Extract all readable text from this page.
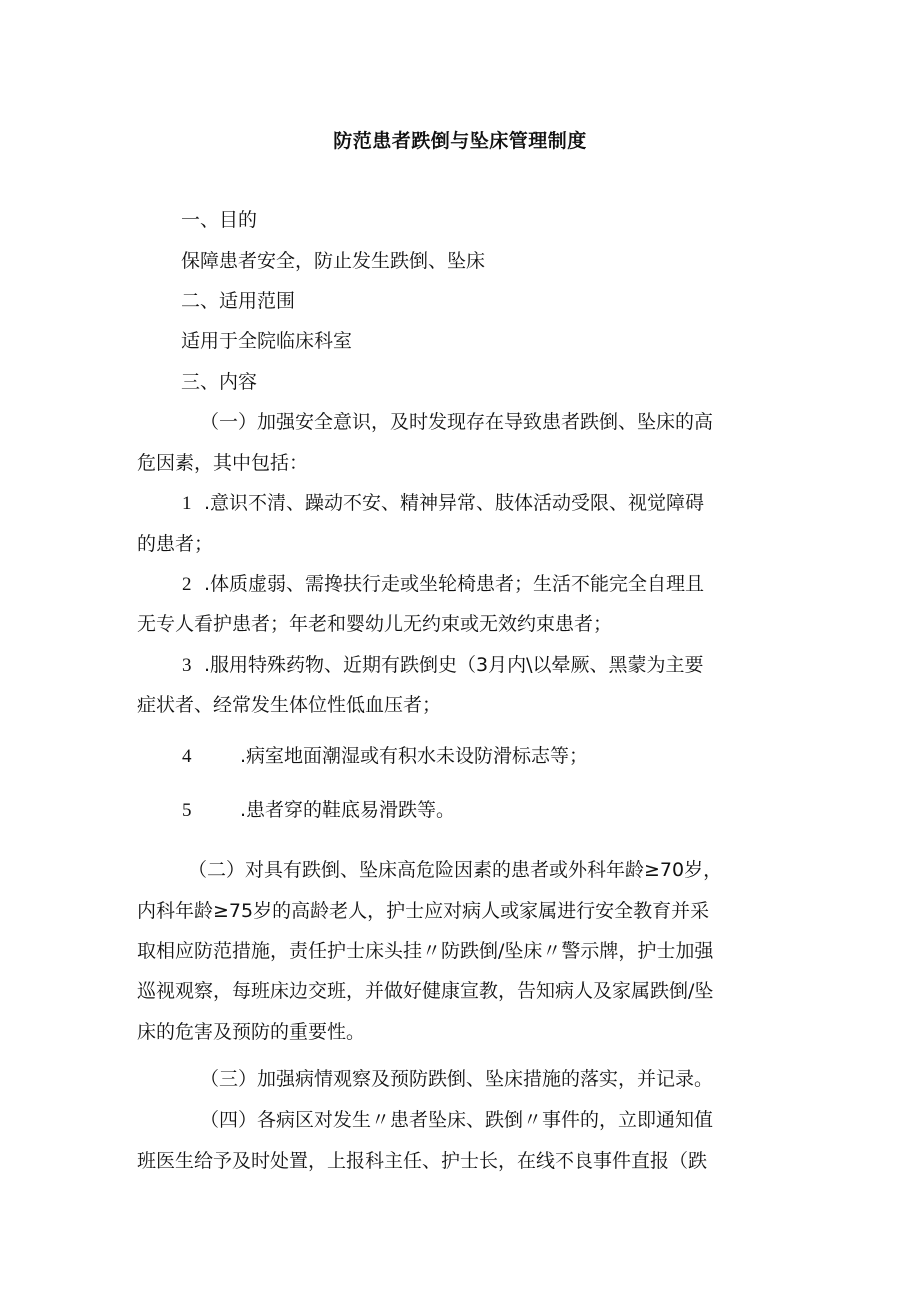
防范患者跌倒与坠床管理制度
一、目的
保障患者安全，防止发生跌倒、坠床
二、适用范围
适用于全院临床科室
三、内容
（一）加强安全意识，及时发现存在导致患者跌倒、坠床的高
危因素，其中包括：
1 .意识不清、躁动不安、精神异常、肢体活动受限、视觉障碍
的患者；
2 .体质虚弱、需搀扶行走或坐轮椅患者；生活不能完全自理且
无专人看护患者；年老和婴幼儿无约束或无效约束患者；
3 .服用特殊药物、近期有跌倒史（3月内\以晕厥、黑蒙为主要
症状者、经常发生体位性低血压者；
4	.病室地面潮湿或有积水未设防滑标志等；
5	.患者穿的鞋底易滑跌等。
（二）对具有跌倒、坠床高危险因素的患者或外科年龄≥70岁，
内科年龄≥75岁的高龄老人，护士应对病人或家属进行安全教育并采
取相应防范措施，责任护士床头挂〃防跌倒/坠床〃警示牌，护士加强
巡视观察，每班床边交班，并做好健康宣教，告知病人及家属跌倒/坠
床的危害及预防的重要性。
（三）加强病情观察及预防跌倒、坠床措施的落实，并记录。
（四）各病区对发生〃患者坠床、跌倒〃事件的，立即通知值
班医生给予及时处置，上报科主任、护士长，在线不良事件直报（跌
